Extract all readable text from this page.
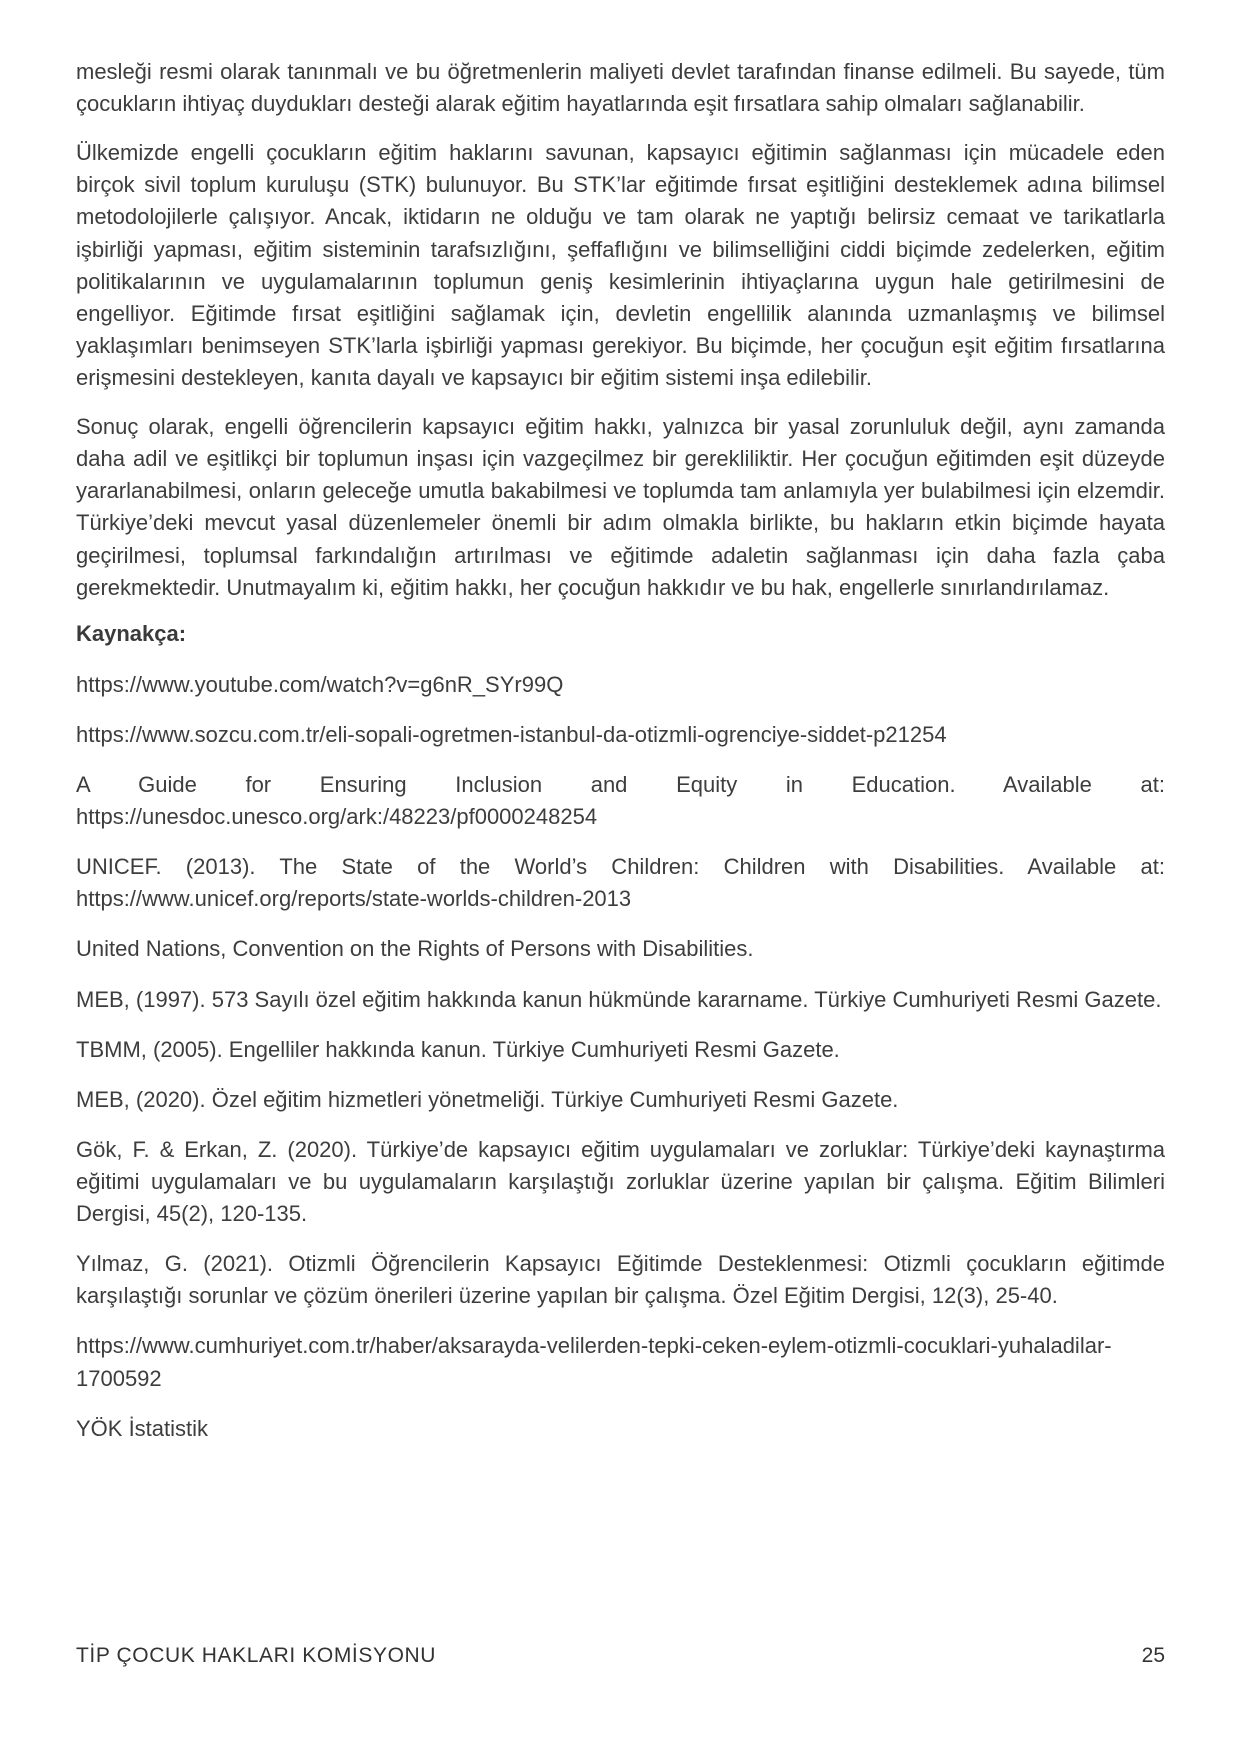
mesleği resmi olarak tanınmalı ve bu öğretmenlerin maliyeti devlet tarafından finanse edilmeli. Bu sayede, tüm çocukların ihtiyaç duydukları desteği alarak eğitim hayatlarında eşit fırsatlara sahip olmaları sağlanabilir.

Ülkemizde engelli çocukların eğitim haklarını savunan, kapsayıcı eğitimin sağlanması için mücadele eden birçok sivil toplum kuruluşu (STK) bulunuyor. Bu STK’lar eğitimde fırsat eşitliğini desteklemek adına bilimsel metodolojilerle çalışıyor. Ancak, iktidarın ne olduğu ve tam olarak ne yaptığı belirsiz cemaat ve tarikatlarla işbirliği yapması, eğitim sisteminin tarafsızlığını, şeffaflığını ve bilimselliğini ciddi biçimde zedelerken, eğitim politikalarının ve uygulamalarının toplumun geniş kesimlerinin ihtiyaçlarına uygun hale getirilmesini de engelliyor. Eğitimde fırsat eşitliğini sağlamak için, devletin engellilik alanında uzmanlaşmış ve bilimsel yaklaşımları benimseyen STK’larla işbirliği yapması gerekiyor. Bu biçimde, her çocuğun eşit eğitim fırsatlarına erişmesini destekleyen, kanıta dayalı ve kapsayıcı bir eğitim sistemi inşa edilebilir.

Sonuç olarak, engelli öğrencilerin kapsayıcı eğitim hakkı, yalnızca bir yasal zorunluluk değil, aynı zamanda daha adil ve eşitlikçi bir toplumun inşası için vazgeçilmez bir gerekliliktir. Her çocuğun eğitimden eşit düzeyde yararlanabilmesi, onların geleceğe umutla bakabilmesi ve toplumda tam anlamıyla yer bulabilmesi için elzemdir. Türkiye’deki mevcut yasal düzenlemeler önemli bir adım olmakla birlikte, bu hakların etkin biçimde hayata geçirilmesi, toplumsal farkındalığın artırılması ve eğitimde adaletin sağlanması için daha fazla çaba gerekmektedir. Unutmayalım ki, eğitim hakkı, her çocuğun hakkıdır ve bu hak, engellerle sınırlandırılamaz.

Kaynakça:

https://www.youtube.com/watch?v=g6nR_SYr99Q

https://www.sozcu.com.tr/eli-sopali-ogretmen-istanbul-da-otizmli-ogrenciye-siddet-p21254

A Guide for Ensuring Inclusion and Equity in Education. Available at: https://unesdoc.unesco.org/ark:/48223/pf0000248254

UNICEF. (2013). The State of the World’s Children: Children with Disabilities. Available at: https://www.unicef.org/reports/state-worlds-children-2013

United Nations, Convention on the Rights of Persons with Disabilities.

MEB, (1997). 573 Sayılı özel eğitim hakkında kanun hükmünde kararname. Türkiye Cumhuriyeti Resmi Gazete.

TBMM, (2005). Engelliler hakkında kanun. Türkiye Cumhuriyeti Resmi Gazete.

MEB, (2020). Özel eğitim hizmetleri yönetmeliği. Türkiye Cumhuriyeti Resmi Gazete.

Gök, F. & Erkan, Z. (2020). Türkiye’de kapsayıcı eğitim uygulamaları ve zorluklar: Türkiye’deki kaynaştırma eğitimi uygulamaları ve bu uygulamaların karşılaştığı zorluklar üzerine yapılan bir çalışma. Eğitim Bilimleri Dergisi, 45(2), 120-135.

Yılmaz, G. (2021). Otizmli Öğrencilerin Kapsayıcı Eğitimde Desteklenmesi: Otizmli çocukların eğitimde karşılaştığı sorunlar ve çözüm önerileri üzerine yapılan bir çalışma. Özel Eğitim Dergisi, 12(3), 25-40.

https://www.cumhuriyet.com.tr/haber/aksarayda-velilerden-tepki-ceken-eylem-otizmli-cocuklari-yuhaladilar-1700592

YÖK İstatistik

TİP ÇOCUK HAKLARI KOMİSYONU	25
